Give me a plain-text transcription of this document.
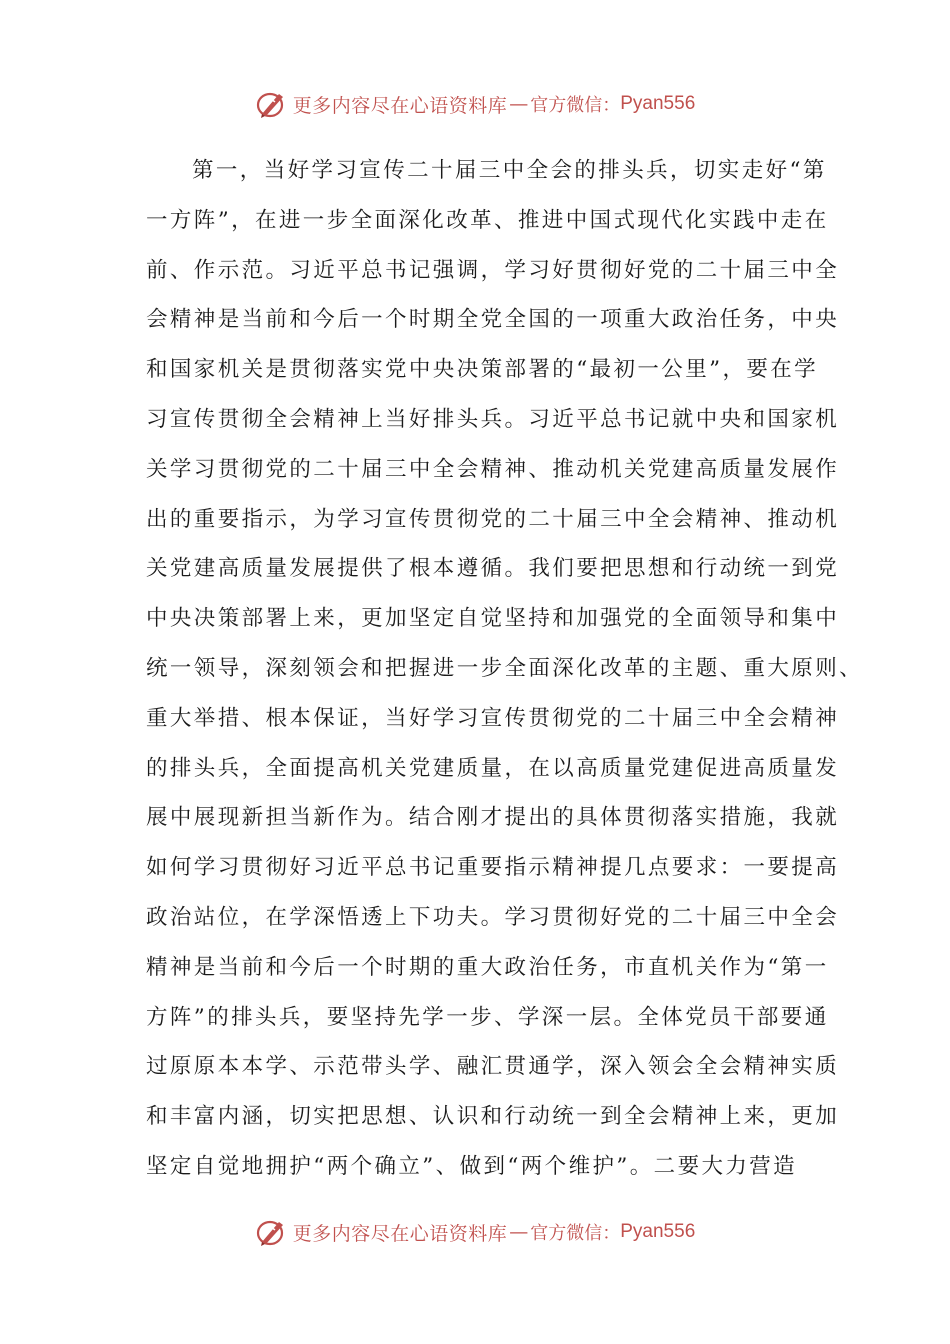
更多内容尽在心语资料库 — 官方微信： Pyan556
第一，当好学习宣传二十届三中全会的排头兵，切实走好“第
一方阵”，在进一步全面深化改革、推进中国式现代化实践中走在
前、作示范。习近平总书记强调，学习好贯彻好党的二十届三中全
会精神是当前和今后一个时期全党全国的一项重大政治任务，中央
和国家机关是贯彻落实党中央决策部署的“最初一公里”，要在学
习宣传贯彻全会精神上当好排头兵。习近平总书记就中央和国家机
关学习贯彻党的二十届三中全会精神、推动机关党建高质量发展作
出的重要指示，为学习宣传贯彻党的二十届三中全会精神、推动机
关党建高质量发展提供了根本遵循。我们要把思想和行动统一到党
中央决策部署上来，更加坚定自觉坚持和加强党的全面领导和集中
统一领导，深刻领会和把握进一步全面深化改革的主题、重大原则、
重大举措、根本保证，当好学习宣传贯彻党的二十届三中全会精神
的排头兵，全面提高机关党建质量，在以高质量党建促进高质量发
展中展现新担当新作为。结合刚才提出的具体贯彻落实措施，我就
如何学习贯彻好习近平总书记重要指示精神提几点要求：一要提高
政治站位，在学深悟透上下功夫。学习贯彻好党的二十届三中全会
精神是当前和今后一个时期的重大政治任务，市直机关作为“第一
方阵”的排头兵，要坚持先学一步、学深一层。全体党员干部要通
过原原本本学、示范带头学、融汇贯通学，深入领会全会精神实质
和丰富内涵，切实把思想、认识和行动统一到全会精神上来，更加
坚定自觉地拥护“两个确立”、做到“两个维护”。二要大力营造
更多内容尽在心语资料库 — 官方微信： Pyan556
